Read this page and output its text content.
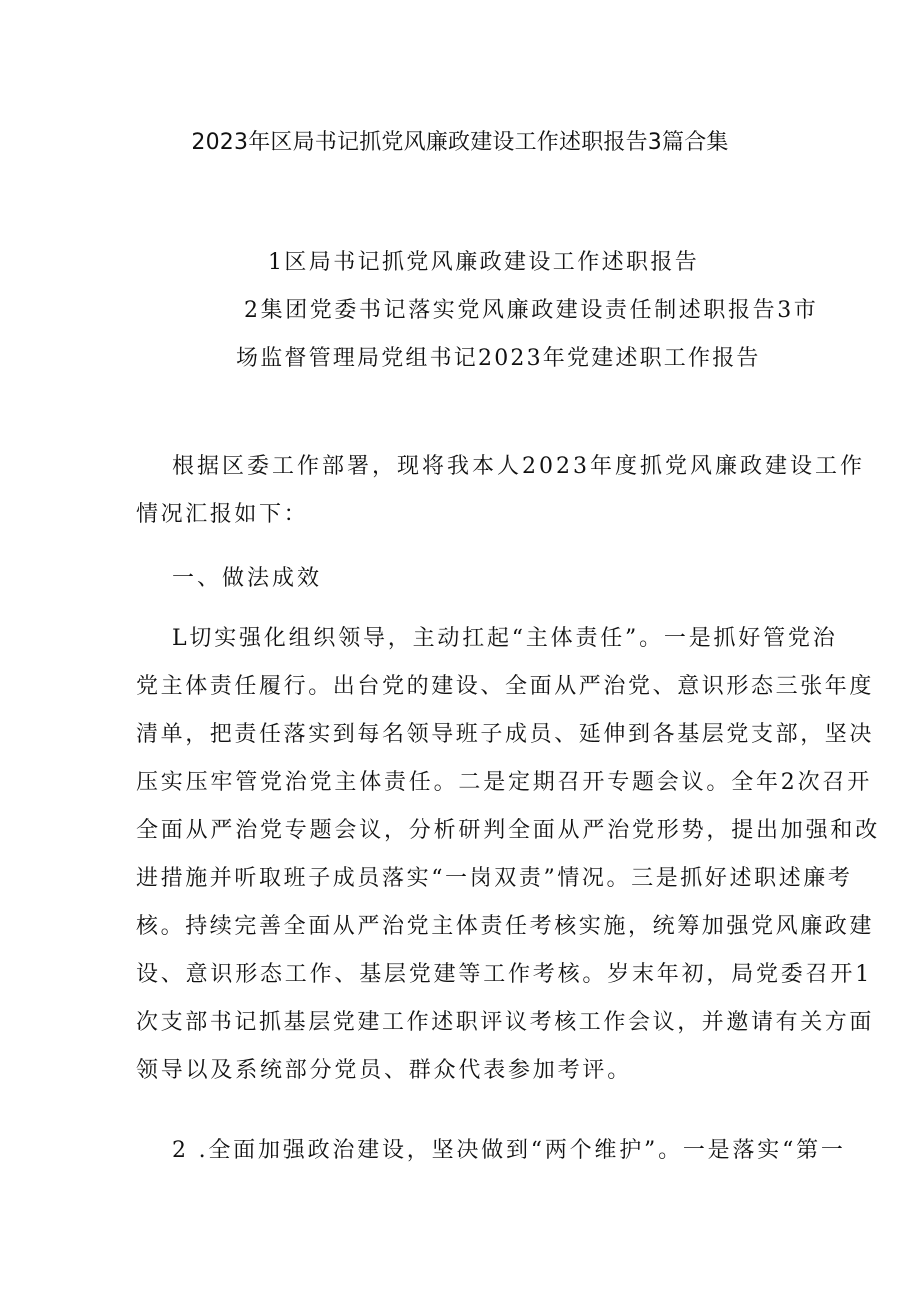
2023年区局书记抓党风廉政建设工作述职报告3篇合集
1区局书记抓党风廉政建设工作述职报告
2集团党委书记落实党风廉政建设责任制述职报告3市
场监督管理局党组书记2023年党建述职工作报告
根据区委工作部署，现将我本人2023年度抓党风廉政建设工作
情况汇报如下：
一、做法成效
L切实强化组织领导，主动扛起“主体责任”。一是抓好管党治
党主体责任履行。出台党的建设、全面从严治党、意识形态三张年度
清单，把责任落实到每名领导班子成员、延伸到各基层党支部，坚决
压实压牢管党治党主体责任。二是定期召开专题会议。全年2次召开
全面从严治党专题会议，分析研判全面从严治党形势，提出加强和改
进措施并听取班子成员落实“一岗双责”情况。三是抓好述职述廉考
核。持续完善全面从严治党主体责任考核实施，统筹加强党风廉政建
设、意识形态工作、基层党建等工作考核。岁末年初，局党委召开1
次支部书记抓基层党建工作述职评议考核工作会议，并邀请有关方面
领导以及系统部分党员、群众代表参加考评。
2 .全面加强政治建设，坚决做到“两个维护”。一是落实“第一
